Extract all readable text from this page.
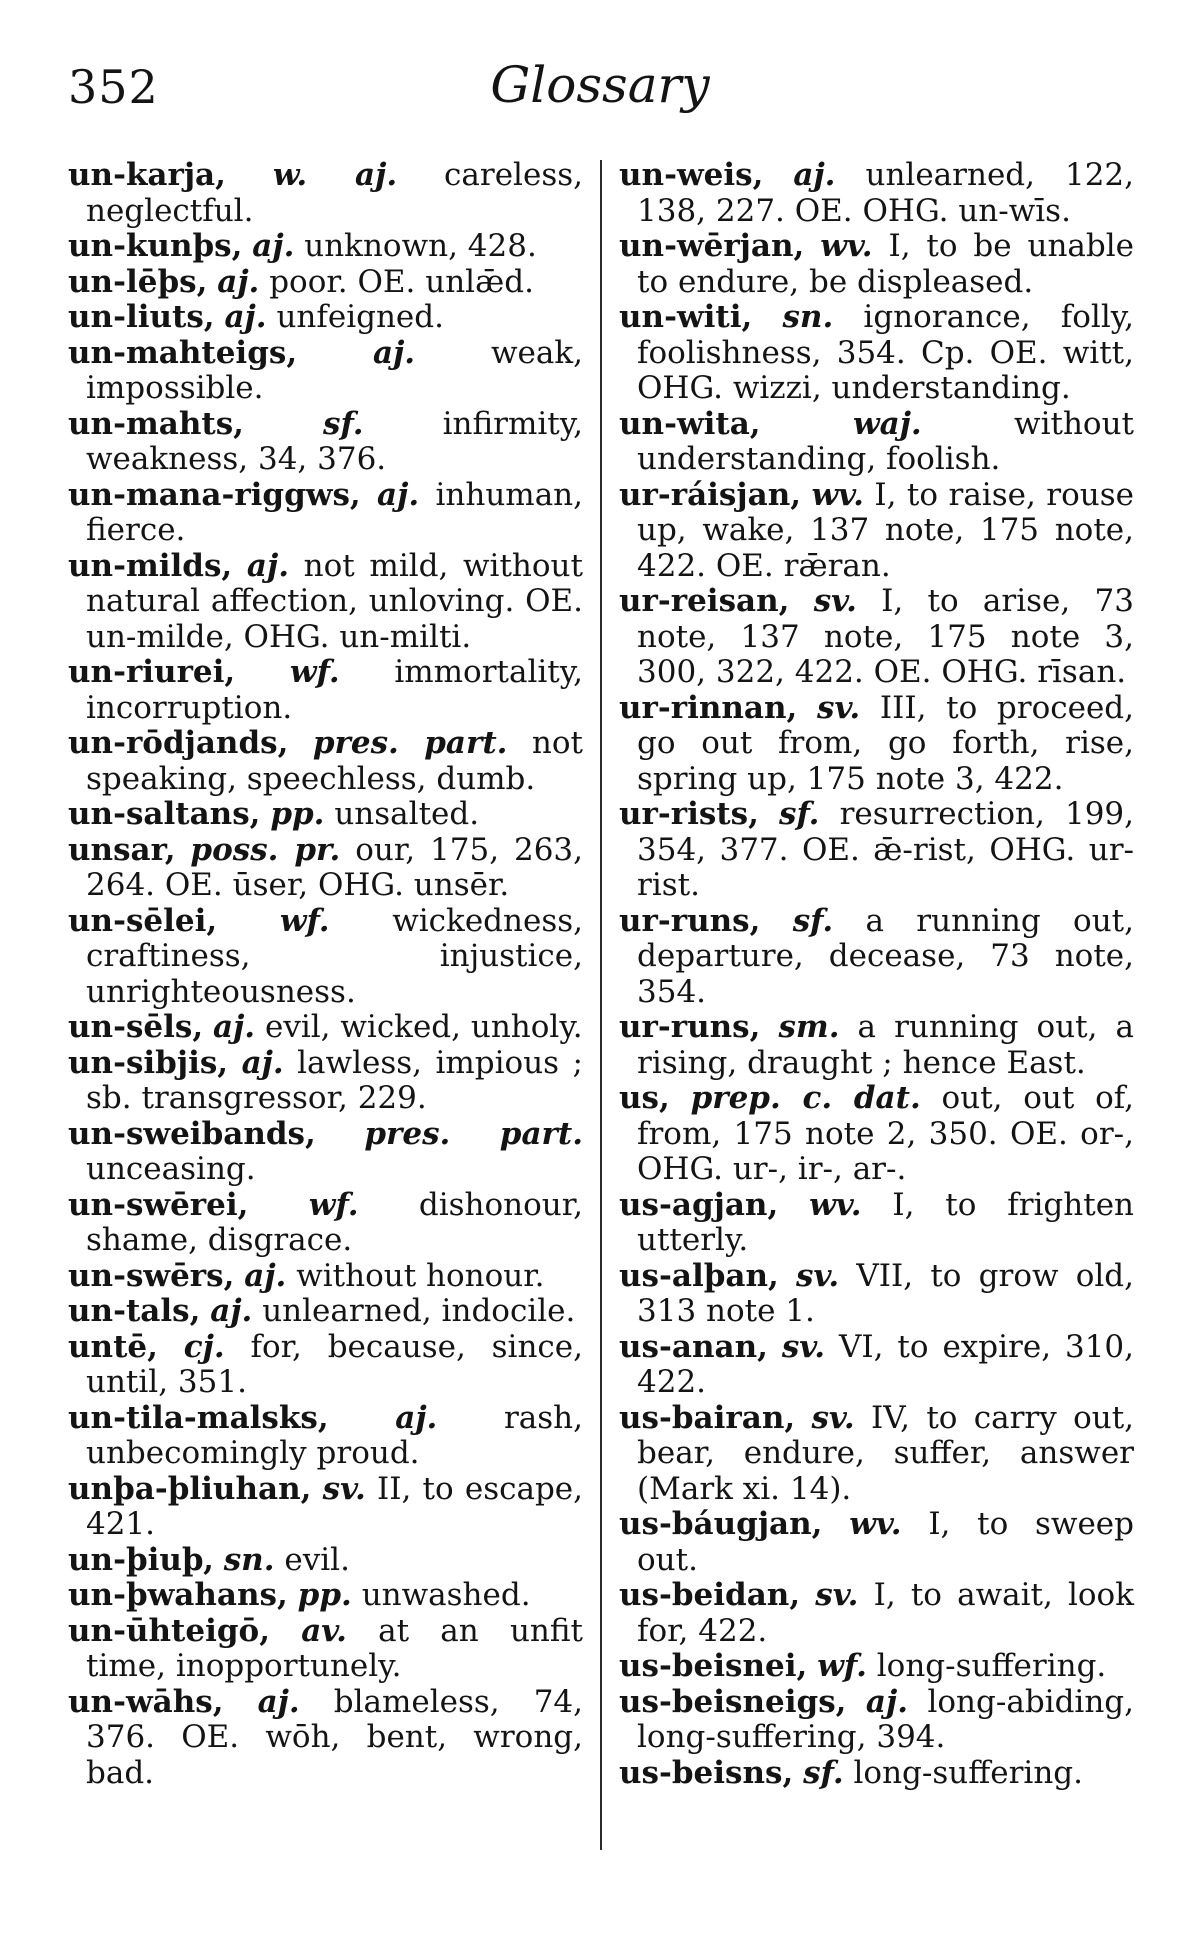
352	Glossary

un-karja, w. aj. careless, neglectful.

un-kunþs, aj. unknown, 428.

un-lēþs, aj. poor. OE. unlǣd.

un-liuts, aj. unfeigned.

un-mahteigs, aj. weak, impossible.

un-mahts,	sf.	infirmity, weakness, 34, 376.

un-mana-riggws, aj. inhuman, fierce.

un-milds, aj. not mild, without natural affection, unloving. OE. un-milde, OHG. un-milti.

un-riurei, wf. immortality, incorruption.

un-rōdjands, pres. part. not speaking, speechless, dumb.

un-saltans, pp. unsalted.

unsar, poss. pr. our, 175, 263, 264. OE. ūser, OHG. unsēr.

un-sēlei, wf. wickedness, craftiness, injustice, unrighteousness.

un-sēls, aj. evil, wicked, unholy.

un-sibjis, aj. lawless, impious ; sb. transgressor, 229.

un-sweibands, pres. part. unceasing.

un-swērei, wf. dishonour, shame, disgrace.

un-swērs, aj. without honour.

un-tals, aj. unlearned, indocile.

untē, cj. for, because, since, until, 351.

un-tila-malsks, aj. rash, unbecomingly proud.

unþa-þliuhan, sv. II, to escape, 421.

un-þiuþ, sn. evil.

un-þwahans, pp. unwashed.

un-ūhteigō, av. at an unfit time, inopportunely.

un-wāhs, aj. blameless, 74, 376. OE. wōh, bent, wrong, bad.

un-weis, aj. unlearned, 122, 138, 227. OE. OHG. un-wīs.

un-wērjan, wv. I, to be unable to endure, be displeased.

un-witi, sn. ignorance, folly, foolishness, 354. Cp. OE. witt, OHG. wizzi, understanding.

un-wita,	waj.	without understanding, foolish.

ur-ráisjan, wv. I, to raise, rouse up, wake, 137 note, 175 note, 422. OE. rǣran.

ur-reisan, sv. I, to arise, 73 note, 137 note, 175 note 3, 300, 322, 422. OE. OHG. rīsan.

ur-rinnan, sv. III, to proceed, go out from, go forth, rise, spring up, 175 note 3, 422.

ur-rists, sf. resurrection, 199, 354, 377. OE. ǣ-rist, OHG. ur-rist.

ur-runs, sf. a running out, departure, decease, 73 note, 354.

ur-runs, sm. a running out, a rising, draught ; hence East.

us, prep. c. dat. out, out of, from, 175 note 2, 350. OE. or-, OHG. ur-, ir-, ar-.

us-agjan, wv. I, to frighten utterly.

us-alþan, sv. VII, to grow old, 313 note 1.

us-anan, sv. VI, to expire, 310, 422.

us-bairan, sv. IV, to carry out, bear, endure, suffer, answer (Mark xi. 14).

us-báugjan, wv. I, to sweep out.

us-beidan, sv. I, to await, look for, 422.

us-beisnei, wf. long-suffering.

us-beisneigs, aj. long-abiding, long-suffering, 394.

us-beisns, sf. long-suffering.
